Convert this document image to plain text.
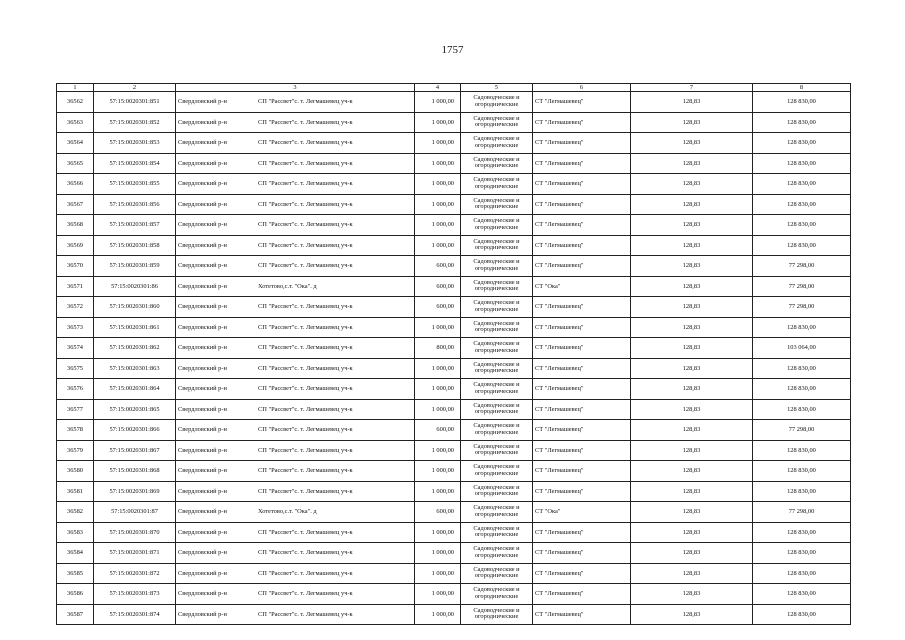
1757
1	2	3	4	5	6	7	8
36562	57:15:0020301:851	Свердловский р-н СП "Рассвет"с. т. Легмашевец уч-к	1 000,00	Садоводческие и
огороднические	СТ "Легмашевец"	128,83	128 830,00
36563	57:15:0020301:852	Свердловский р-н СП "Рассвет"с. т. Легмашевец уч-к	1 000,00	Садоводческие и
огороднические	СТ "Легмашевец"	128,83	128 830,00
36564	57:15:0020301:853	Свердловский р-н СП "Рассвет"с. т. Легмашевец уч-к	1 000,00	Садоводческие и
огороднические	СТ "Легмашевец"	128,83	128 830,00
36565	57:15:0020301:854	Свердловский р-н СП "Рассвет"с. т. Легмашевец уч-к	1 000,00	Садоводческие и
огороднические	СТ "Легмашевец"	128,83	128 830,00
36566	57:15:0020301:855	Свердловский р-н СП "Рассвет"с. т. Легмашевец уч-к	1 000,00	Садоводческие и
огороднические	СТ "Легмашевец"	128,83	128 830,00
36567	57:15:0020301:856	Свердловский р-н СП "Рассвет"с. т. Легмашевец уч-к	1 000,00	Садоводческие и
огороднические	СТ "Легмашевец"	128,83	128 830,00
36568	57:15:0020301:857	Свердловский р-н СП "Рассвет"с. т. Легмашевец уч-к	1 000,00	Садоводческие и
огороднические	СТ "Легмашевец"	128,83	128 830,00
36569	57:15:0020301:858	Свердловский р-н СП "Рассвет"с. т. Легмашевец уч-к	1 000,00	Садоводческие и
огороднические	СТ "Легмашевец"	128,83	128 830,00
36570	57:15:0020301:859	Свердловский р-н СП "Рассвет"с. т. Легмашевец уч-к	600,00	Садоводческие и
огороднические	СТ "Легмашевец"	128,83	77 298,00
36571	57:15:0020301:86	Свердловский р-н Хотетово,с.т. "Ока". д	600,00	Садоводческие и
огороднические	СТ "Ока"	128,83	77 298,00
36572	57:15:0020301:860	Свердловский р-н СП "Рассвет"с. т. Легмашевец уч-к	600,00	Садоводческие и
огороднические	СТ "Легмашевец"	128,83	77 298,00
36573	57:15:0020301:861	Свердловский р-н СП "Рассвет"с. т. Легмашевец уч-к	1 000,00	Садоводческие и
огороднические	СТ "Легмашевец"	128,83	128 830,00
36574	57:15:0020301:862	Свердловский р-н СП "Рассвет"с. т. Легмашевец уч-к	800,00	Садоводческие и
огороднические	СТ "Легмашевец"	128,83	103 064,00
36575	57:15:0020301:863	Свердловский р-н СП "Рассвет"с. т. Легмашевец уч-к	1 000,00	Садоводческие и
огороднические	СТ "Легмашевец"	128,83	128 830,00
36576	57:15:0020301:864	Свердловский р-н СП "Рассвет"с. т. Легмашевец уч-к	1 000,00	Садоводческие и
огороднические	СТ "Легмашевец"	128,83	128 830,00
36577	57:15:0020301:865	Свердловский р-н СП "Рассвет"с. т. Легмашевец уч-к	1 000,00	Садоводческие и
огороднические	СТ "Легмашевец"	128,83	128 830,00
36578	57:15:0020301:866	Свердловский р-н СП "Рассвет"с. т. Легмашевец уч-к	600,00	Садоводческие и
огороднические	СТ "Легмашевец"	128,83	77 298,00
36579	57:15:0020301:867	Свердловский р-н СП "Рассвет"с. т. Легмашевец уч-к	1 000,00	Садоводческие и
огороднические	СТ "Легмашевец"	128,83	128 830,00
36580	57:15:0020301:868	Свердловский р-н СП "Рассвет"с. т. Легмашевец уч-к	1 000,00	Садоводческие и
огороднические	СТ "Легмашевец"	128,83	128 830,00
36581	57:15:0020301:869	Свердловский р-н СП "Рассвет"с. т. Легмашевец уч-к	1 000,00	Садоводческие и
огороднические	СТ "Легмашевец"	128,83	128 830,00
36582	57:15:0020301:87	Свердловский р-н Хотетово,с.т. "Ока". д	600,00	Садоводческие и
огороднические	СТ "Ока"	128,83	77 298,00
36583	57:15:0020301:870	Свердловский р-н СП "Рассвет"с. т. Легмашевец уч-к	1 000,00	Садоводческие и
огороднические	СТ "Легмашевец"	128,83	128 830,00
36584	57:15:0020301:871	Свердловский р-н СП "Рассвет"с. т. Легмашевец уч-к	1 000,00	Садоводческие и
огороднические	СТ "Легмашевец"	128,83	128 830,00
36585	57:15:0020301:872	Свердловский р-н СП "Рассвет"с. т. Легмашевец уч-к	1 000,00	Садоводческие и
огороднические	СТ "Легмашевец"	128,83	128 830,00
36586	57:15:0020301:873	Свердловский р-н СП "Рассвет"с. т. Легмашевец уч-к	1 000,00	Садоводческие и
огороднические	СТ "Легмашевец"	128,83	128 830,00
36587	57:15:0020301:874	Свердловский р-н СП "Рассвет"с. т. Легмашевец уч-к	1 000,00	Садоводческие и
огороднические	СТ "Легмашевец"	128,83	128 830,00
